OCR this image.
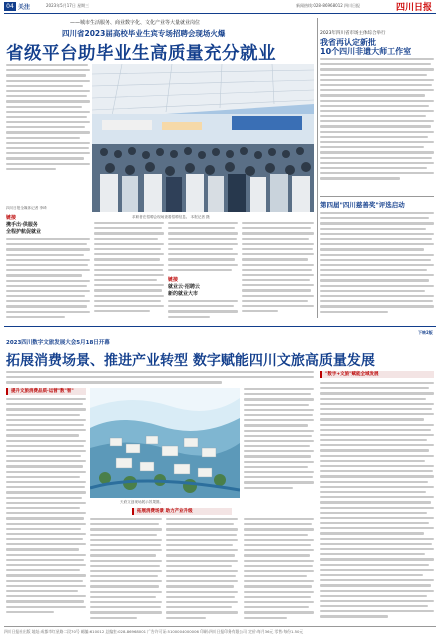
04 关注	2023年5月17日 星期三	新闻热线:028-86968012 四川日报	四川日报
——城市生活服务、商业数字化、文化产业等大量就业岗位
四川省2023届高校毕业生宾专场招聘会现场火爆
省级平台助毕业生高质量充分就业
四川日报全媒体记者 李琦
求职者在招聘会现场查看招聘信息。 本报记者 摄
链接
携手出·供服务
全程护航促就业
链接
就业云·招聘云
新的就业大市
2023年四川省市场主体综合举行
我省再认定新批
10个四川非遗大师工作室
第四届"四川慈善奖"评选启动
下转2版
2023四川数字文旅发展大会5月18日开幕
拓展消费场景、推进产业转型 数字赋能四川文旅高质量发展
提升文旅消费品质·运营"数"智"
天府文创现场展示效果图。
拓展消费场景 助力产业升级
"数字+文旅"赋能全域发展
四川日报社出版 地址:成都市红星路二段70号 邮编:610012 总编室:028-86968001 广告许可证:5100004000006 印刷:四川日报印务有限公司 定价:每月36元 零售:每份1.50元
